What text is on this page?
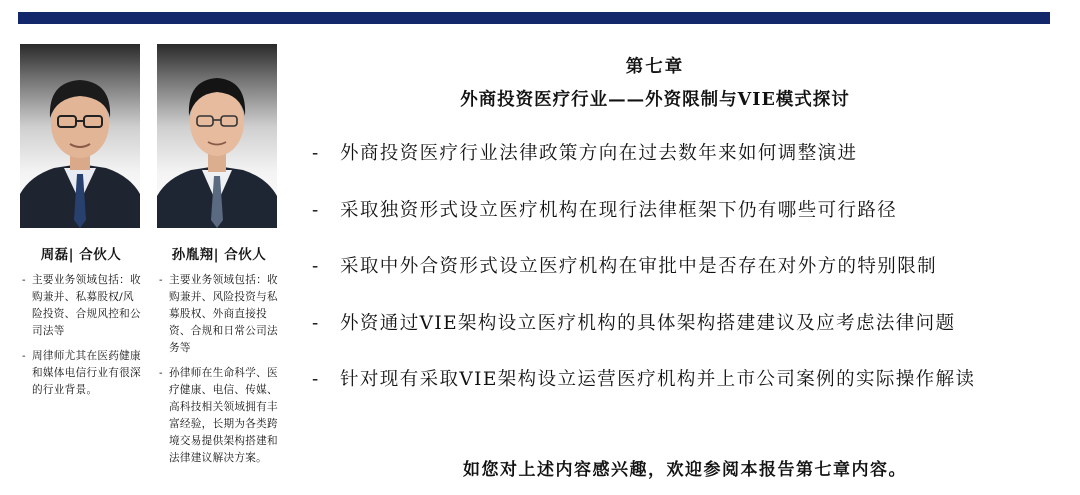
周磊| 合伙人
- 主要业务领域包括：收购兼并、私募股权/风险投资、合规风控和公司法等
- 周律师尤其在医药健康和媒体电信行业有很深的行业背景。
孙胤翔| 合伙人
- 主要业务领域包括：收购兼并、风险投资与私募股权、外商直接投资、合规和日常公司法务等
- 孙律师在生命科学、医疗健康、电信、传媒、高科技相关领域拥有丰富经验，长期为各类跨境交易提供架构搭建和法律建议解决方案。
第七章
外商投资医疗行业——外资限制与VIE模式探讨
- 外商投资医疗行业法律政策方向在过去数年来如何调整演进
- 采取独资形式设立医疗机构在现行法律框架下仍有哪些可行路径
- 采取中外合资形式设立医疗机构在审批中是否存在对外方的特别限制
- 外资通过VIE架构设立医疗机构的具体架构搭建建议及应考虑法律问题
- 针对现有采取VIE架构设立运营医疗机构并上市公司案例的实际操作解读
如您对上述内容感兴趣，欢迎参阅本报告第七章内容。
